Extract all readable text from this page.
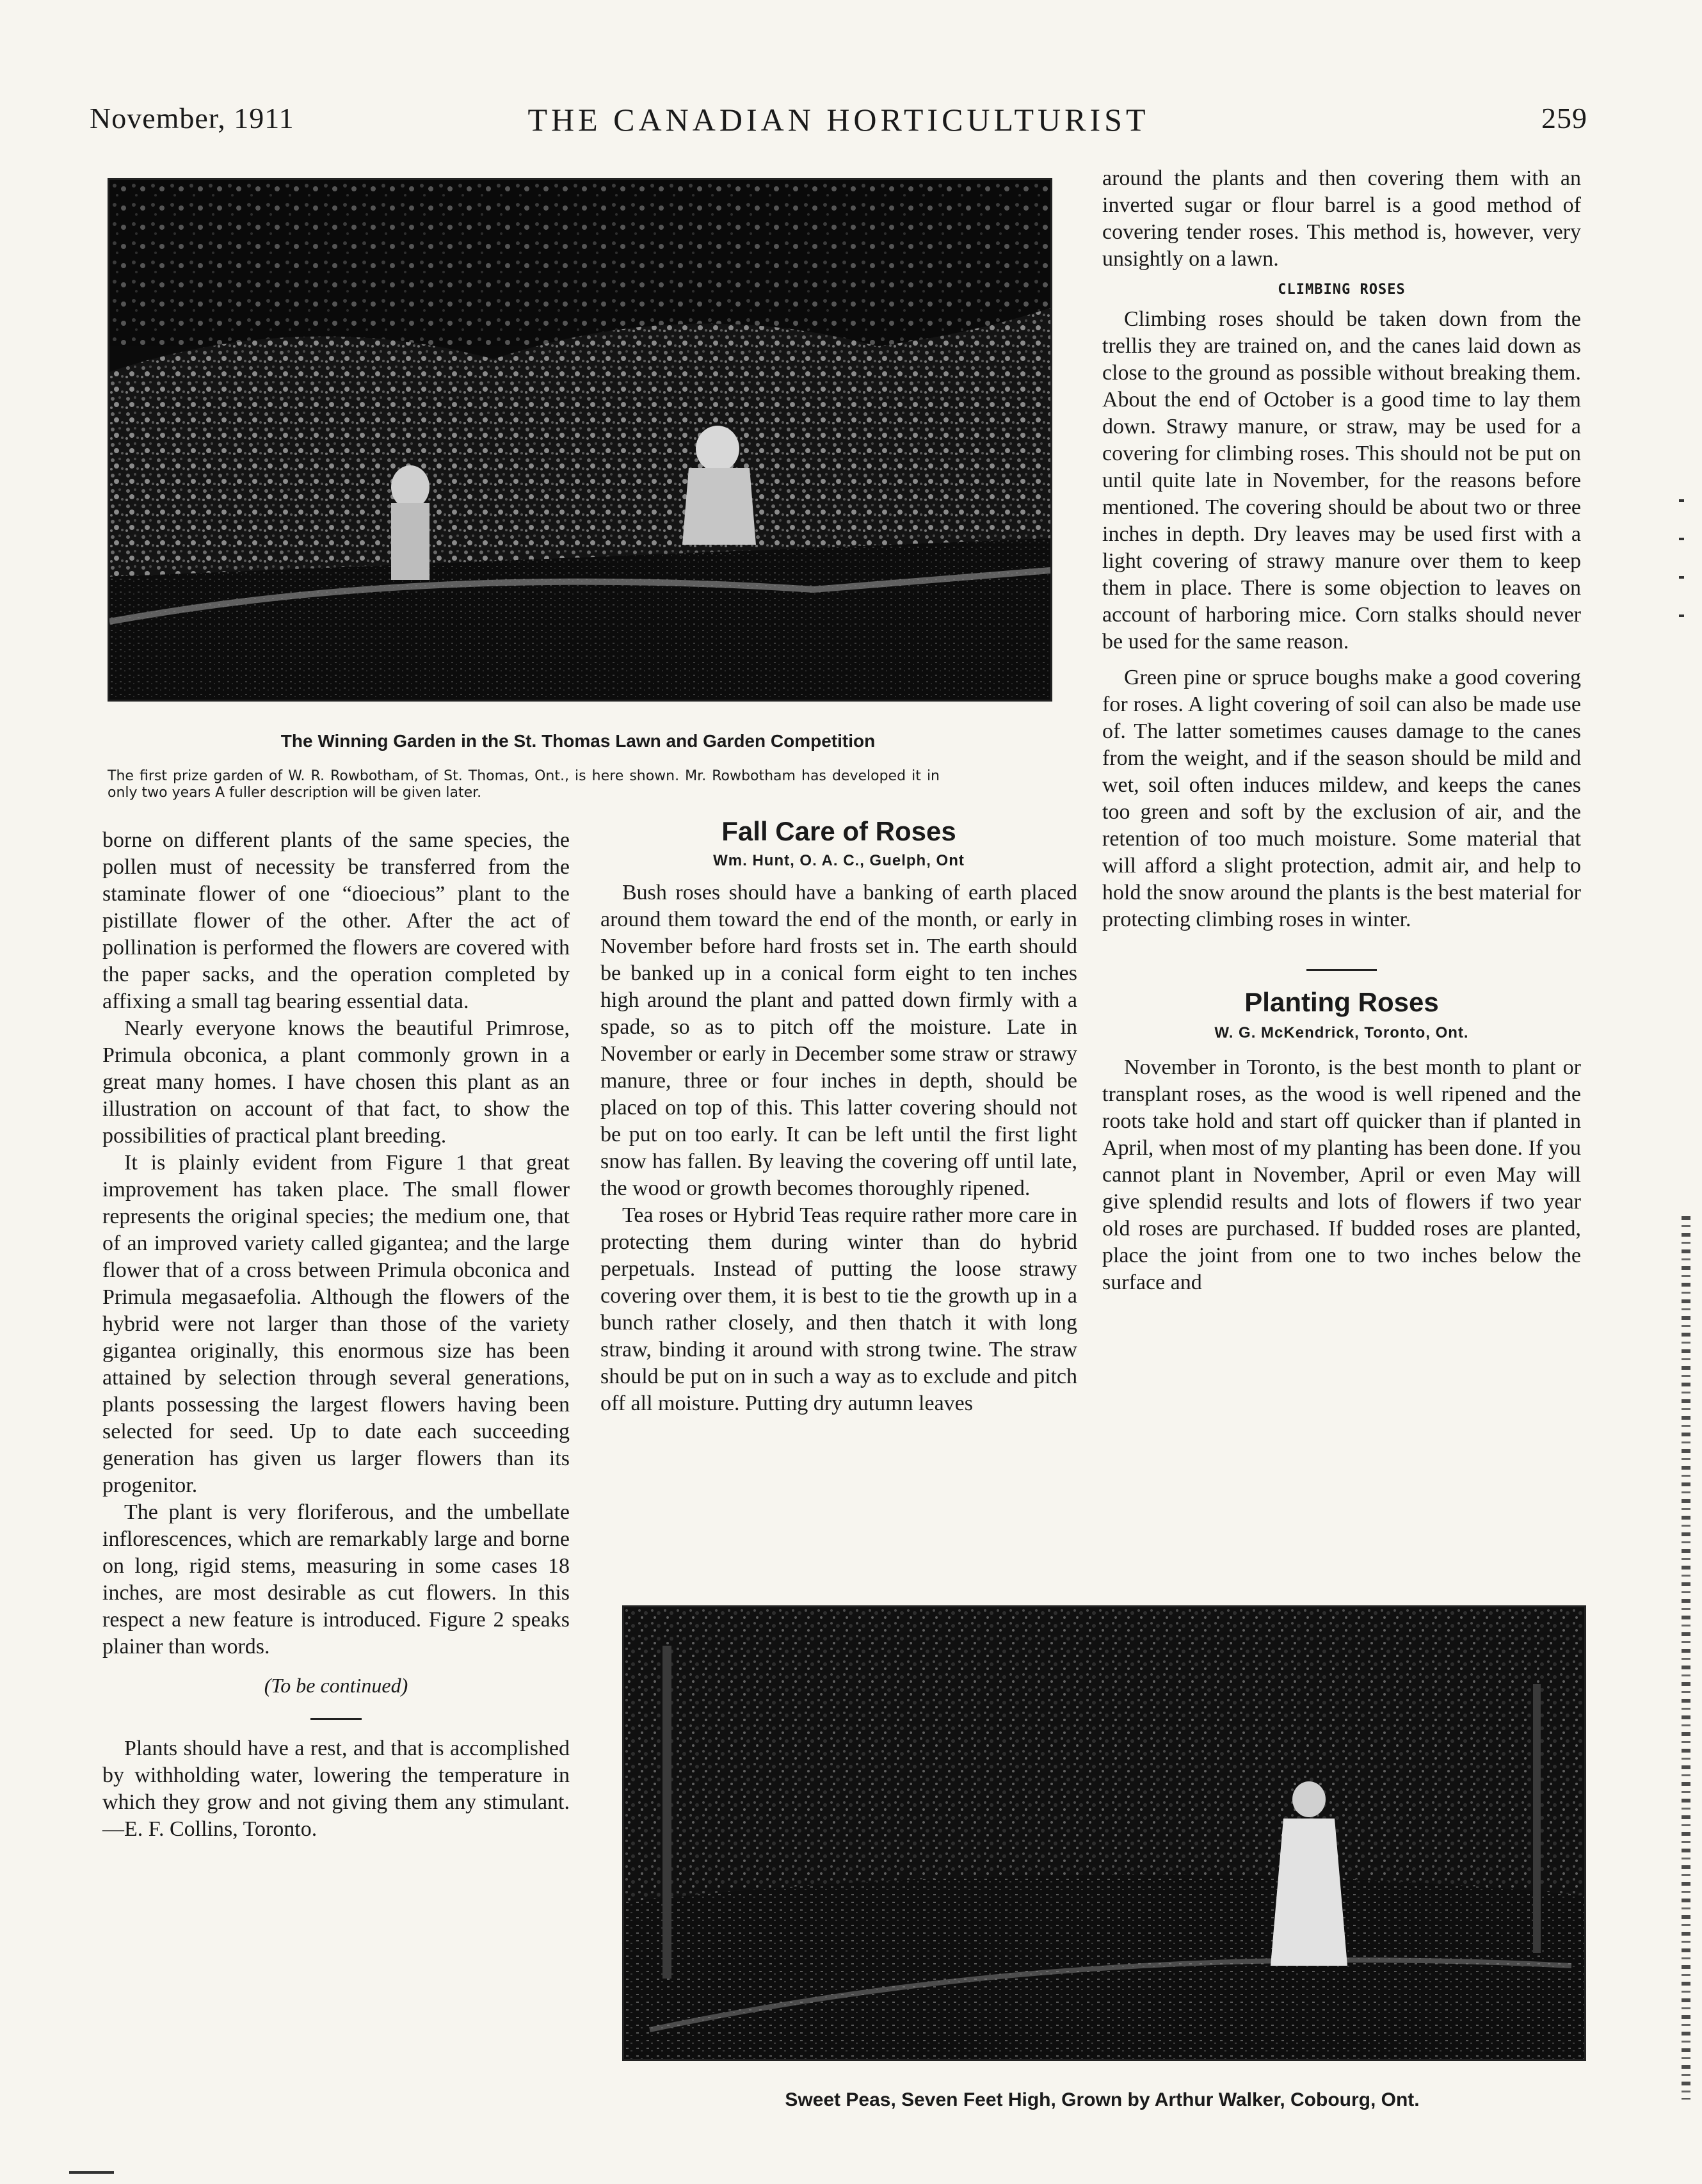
November, 1911	THE CANADIAN HORTICULTURIST	259
The Winning Garden in the St. Thomas Lawn and Garden Competition
The first prize garden of W. R. Rowbotham, of St. Thomas, Ont., is here shown. Mr. Rowbotham has developed it in only two years A fuller description will be given later.

borne on different plants of the same species, the pollen must of necessity be transferred from the staminate flower of one “dioecious” plant to the pistillate flower of the other. After the act of pollination is performed the flowers are covered with the paper sacks, and the operation completed by affixing a small tag bearing essential data.

Nearly everyone knows the beautiful Primrose, Primula obconica, a plant commonly grown in a great many homes. I have chosen this plant as an illustration on account of that fact, to show the possibilities of practical plant breeding.

It is plainly evident from Figure 1 that great improvement has taken place. The small flower represents the original species; the medium one, that of an improved variety called gigantea; and the large flower that of a cross between Primula obconica and Primula megasaefolia. Although the flowers of the hybrid were not larger than those of the variety gigantea originally, this enormous size has been attained by selection through several generations, plants possessing the largest flowers having been selected for seed. Up to date each succeeding generation has given us larger flowers than its progenitor.

The plant is very floriferous, and the umbellate inflorescences, which are remarkably large and borne on long, rigid stems, measuring in some cases 18 inches, are most desirable as cut flowers. In this respect a new feature is introduced. Figure 2 speaks plainer than words.

(To be continued)

Plants should have a rest, and that is accomplished by withholding water, lowering the temperature in which they grow and not giving them any stimulant.—E. F. Collins, Toronto.

Fall Care of Roses
Wm. Hunt, O. A. C., Guelph, Ont

Bush roses should have a banking of earth placed around them toward the end of the month, or early in November before hard frosts set in. The earth should be banked up in a conical form eight to ten inches high around the plant and patted down firmly with a spade, so as to pitch off the moisture. Late in November or early in December some straw or strawy manure, three or four inches in depth, should be placed on top of this. This latter covering should not be put on too early. It can be left until the first light snow has fallen. By leaving the covering off until late, the wood or growth becomes thoroughly ripened.

Tea roses or Hybrid Teas require rather more care in protecting them during winter than do hybrid perpetuals. Instead of putting the loose strawy covering over them, it is best to tie the growth up in a bunch rather closely, and then thatch it with long straw, binding it around with strong twine. The straw should be put on in such a way as to exclude and pitch off all moisture. Putting dry autumn leaves

around the plants and then covering them with an inverted sugar or flour barrel is a good method of covering tender roses. This method is, however, very unsightly on a lawn.

CLIMBING ROSES

Climbing roses should be taken down from the trellis they are trained on, and the canes laid down as close to the ground as possible without breaking them. About the end of October is a good time to lay them down. Strawy manure, or straw, may be used for a covering for climbing roses. This should not be put on until quite late in November, for the reasons before mentioned. The covering should be about two or three inches in depth. Dry leaves may be used first with a light covering of strawy manure over them to keep them in place. There is some objection to leaves on account of harboring mice. Corn stalks should never be used for the same reason.

Green pine or spruce boughs make a good covering for roses. A light covering of soil can also be made use of. The latter sometimes causes damage to the canes from the weight, and if the season should be mild and wet, soil often induces mildew, and keeps the canes too green and soft by the exclusion of air, and the retention of too much moisture. Some material that will afford a slight protection, admit air, and help to hold the snow around the plants is the best material for protecting climbing roses in winter.

Planting Roses
W. G. McKendrick, Toronto, Ont.

November in Toronto, is the best month to plant or transplant roses, as the wood is well ripened and the roots take hold and start off quicker than if planted in April, when most of my planting has been done. If you cannot plant in November, April or even May will give splendid results and lots of flowers if two year old roses are purchased. If budded roses are planted, place the joint from one to two inches below the surface and

Sweet Peas, Seven Feet High, Grown by Arthur Walker, Cobourg, Ont.
